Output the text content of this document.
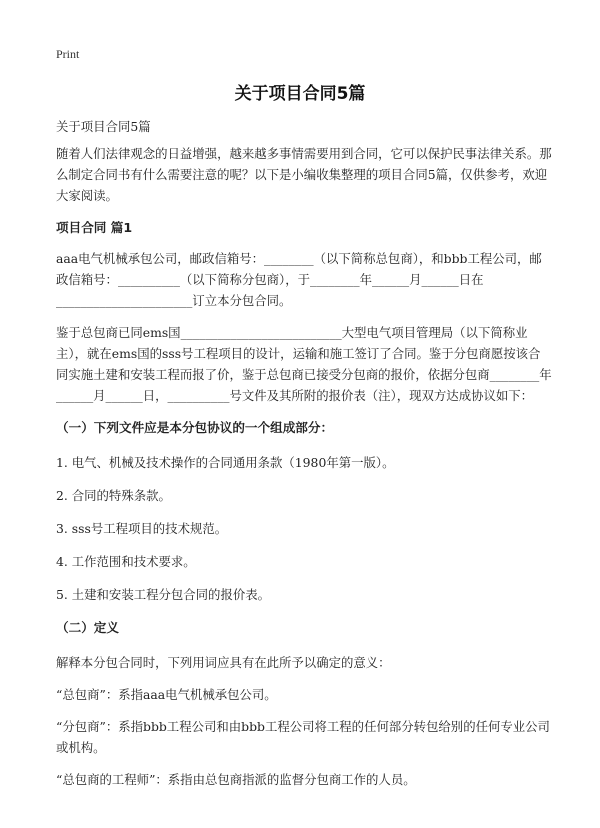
Print
关于项目合同5篇

关于项目合同5篇

随着人们法律观念的日益增强，越来越多事情需要用到合同，它可以保护民事法律关系。那么制定合同书有什么需要注意的呢？以下是小编收集整理的项目合同5篇，仅供参考，欢迎大家阅读。

项目合同 篇1

aaa电气机械承包公司，邮政信箱号：________（以下简称总包商），和bbb工程公司，邮政信箱号：__________（以下简称分包商），于________年______月______日在______________________订立本分包合同。

鉴于总包商已同ems国__________________________大型电气项目管理局（以下简称业主），就在ems国的sss号工程项目的设计，运输和施工签订了合同。鉴于分包商愿按该合同实施土建和安装工程而报了价，鉴于总包商已接受分包商的报价，依据分包商________年______月______日，__________号文件及其所附的报价表（注），现双方达成协议如下：

（一）下列文件应是本分包协议的一个组成部分：

1. 电气、机械及技术操作的合同通用条款（1980年第一版）。

2. 合同的特殊条款。

3. sss号工程项目的技术规范。

4. 工作范围和技术要求。

5. 土建和安装工程分包合同的报价表。

（二）定义

解释本分包合同时，下列用词应具有在此所予以确定的意义：

“总包商”：系指aaa电气机械承包公司。

“分包商”：系指bbb工程公司和由bbb工程公司将工程的任何部分转包给别的任何专业公司或机构。

“总包商的工程师”：系指由总包商指派的监督分包商工作的人员。
